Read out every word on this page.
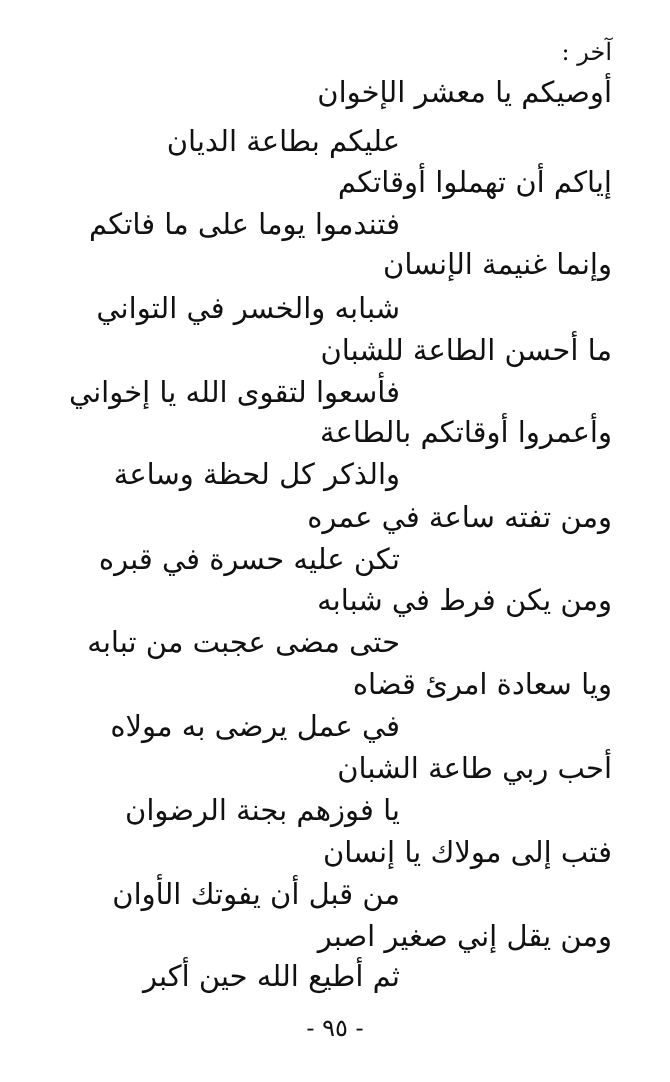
آخر :
أوصيكم يا معشر الإخوان
عليكم بطاعة الديان
إياكم أن تهملوا أوقاتكم
فتندموا يوما على ما فاتكم
وإنما غنيمة الإنسان
شبابه والخسر في التواني
ما أحسن الطاعة للشبان
فأسعوا لتقوى الله يا إخواني
وأعمروا أوقاتكم بالطاعة
والذكر كل لحظة وساعة
ومن تفته ساعة في عمره
تكن عليه حسرة في قبره
ومن يكن فرط في شبابه
حتى مضى عجبت من تبابه
ويا سعادة امرئ قضاه
في عمل يرضى به مولاه
أحب ربي طاعة الشبان
يا فوزهم بجنة الرضوان
فتب إلى مولاك يا إنسان
من قبل أن يفوتك الأوان
ومن يقل إني صغير اصبر
ثم أطيع الله حين أكبر
- ٩٥ -
